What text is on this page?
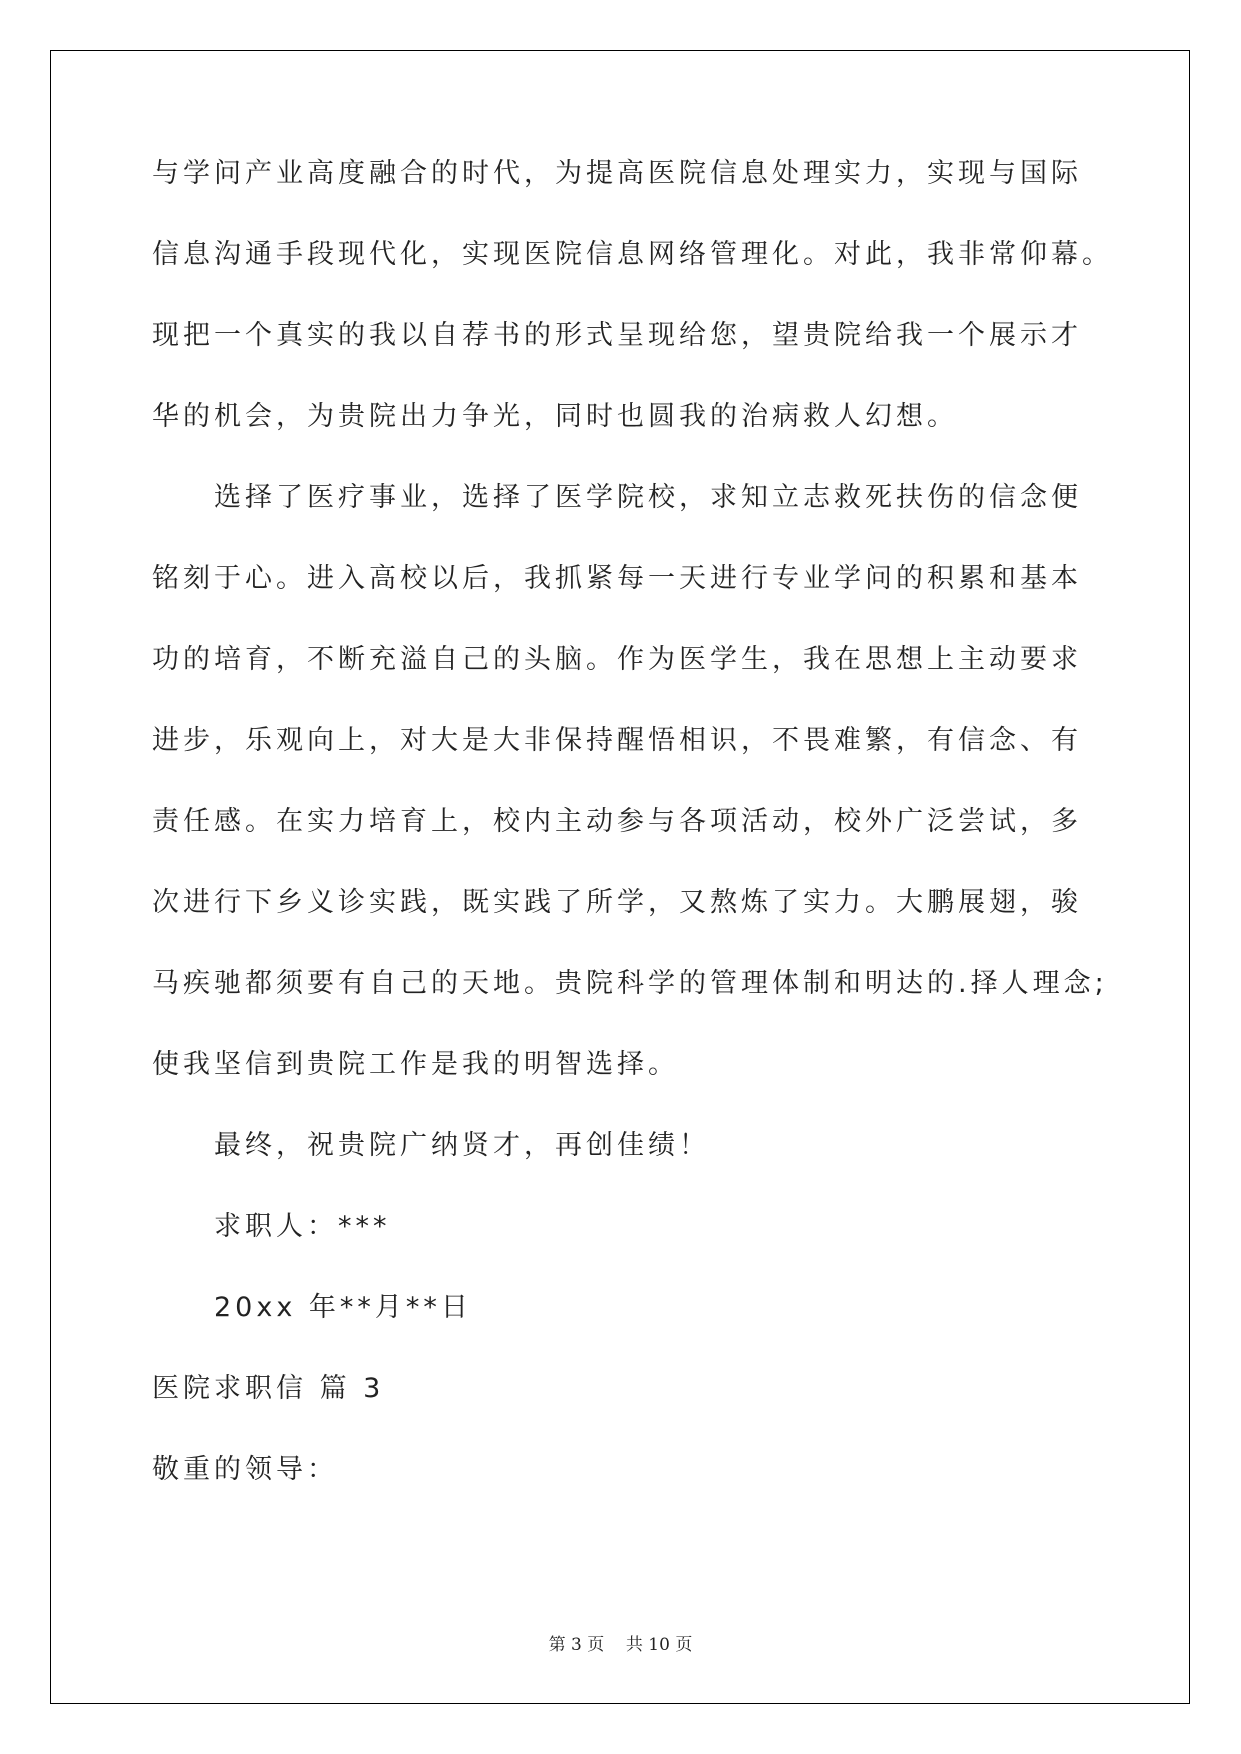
与学问产业高度融合的时代，为提高医院信息处理实力，实现与国际
信息沟通手段现代化，实现医院信息网络管理化。对此，我非常仰幕。
现把一个真实的我以自荐书的形式呈现给您，望贵院给我一个展示才
华的机会，为贵院出力争光，同时也圆我的治病救人幻想。
选择了医疗事业，选择了医学院校，求知立志救死扶伤的信念便
铭刻于心。进入高校以后，我抓紧每一天进行专业学问的积累和基本
功的培育，不断充溢自己的头脑。作为医学生，我在思想上主动要求
进步，乐观向上，对大是大非保持醒悟相识，不畏难繁，有信念、有
责任感。在实力培育上，校内主动参与各项活动，校外广泛尝试，多
次进行下乡义诊实践，既实践了所学，又熬炼了实力。大鹏展翅，骏
马疾驰都须要有自己的天地。贵院科学的管理体制和明达的.择人理念;
使我坚信到贵院工作是我的明智选择。
最终，祝贵院广纳贤才，再创佳绩！
求职人：***
20xx 年**月**日
医院求职信 篇 3
敬重的领导：
第 3 页    共 10 页
